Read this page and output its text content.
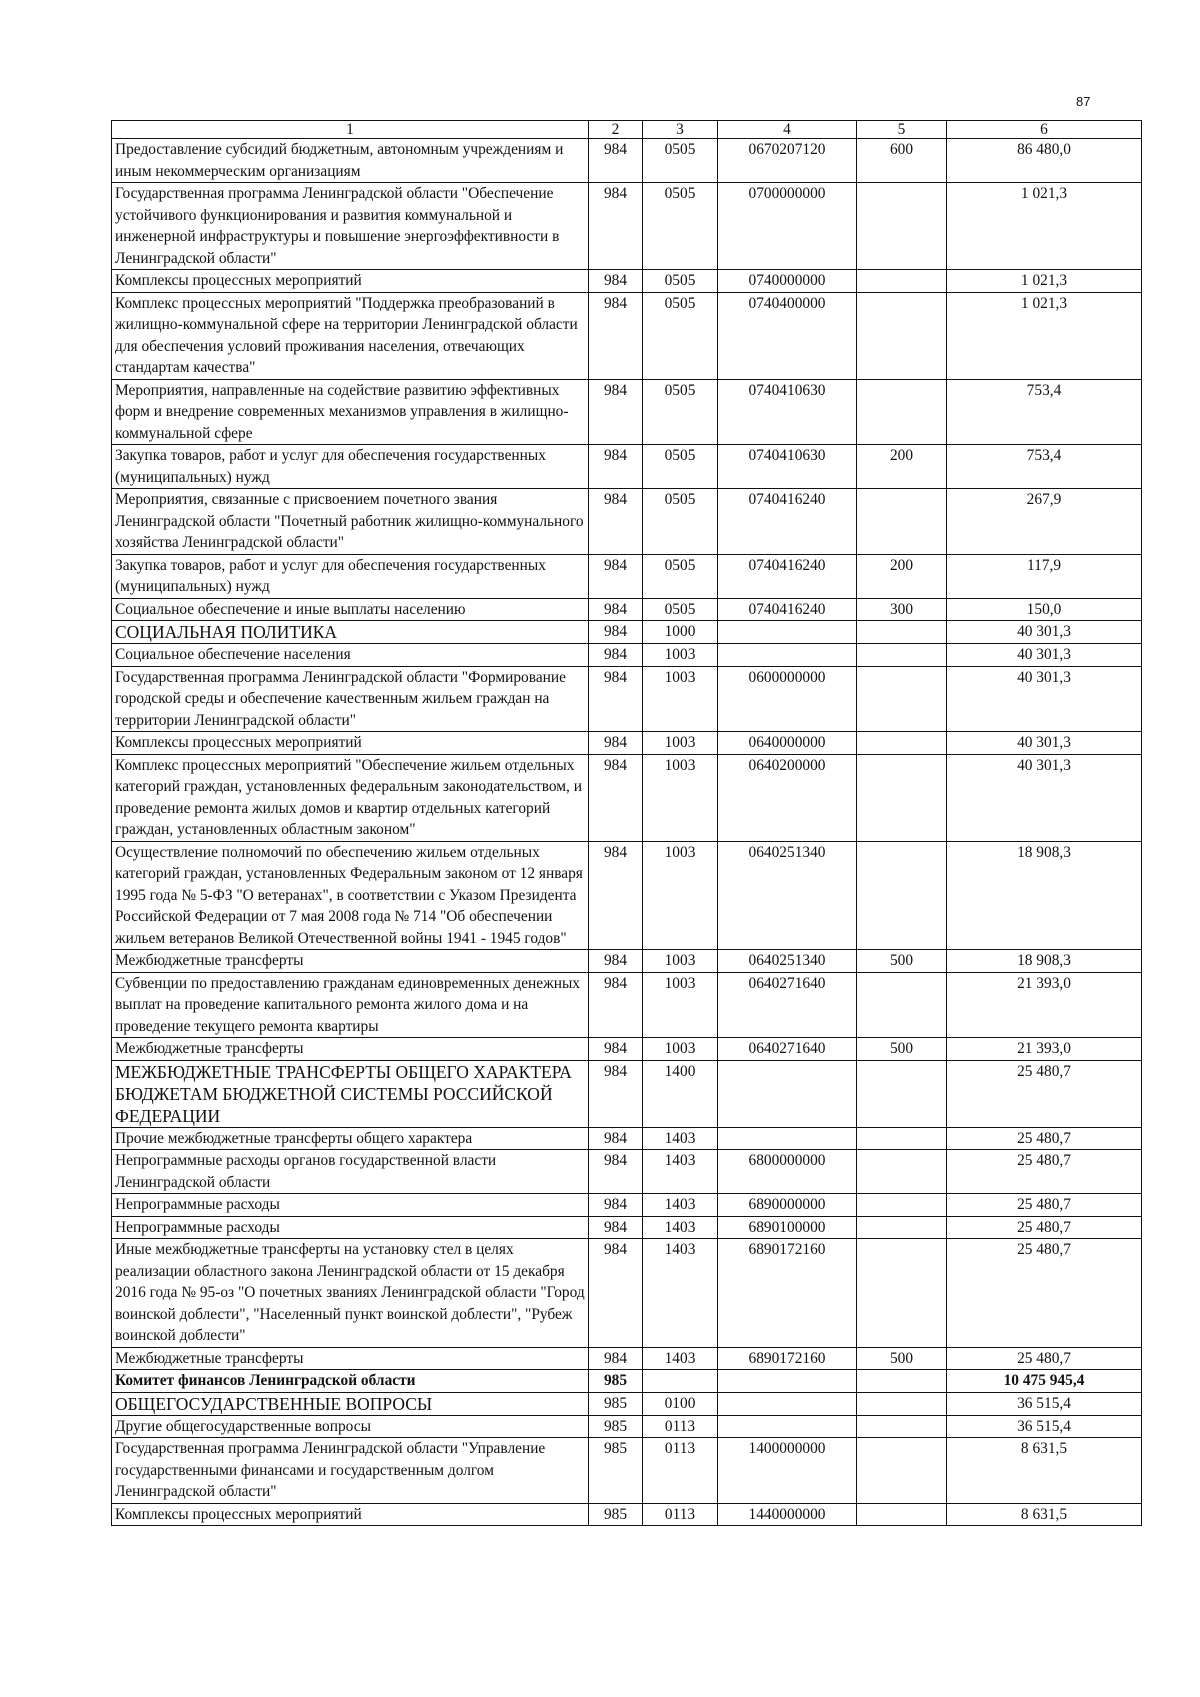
87
1	2	3	4	5	6
Предоставление субсидий бюджетным, автономным учреждениям и иным некоммерческим организациям	984	0505	0670207120	600	86 480,0
Государственная программа Ленинградской области "Обеспечение устойчивого функционирования и развития коммунальной и инженерной инфраструктуры и повышение энергоэффективности в Ленинградской области"	984	0505	0700000000		1 021,3
Комплексы процессных мероприятий	984	0505	0740000000		1 021,3
Комплекс процессных мероприятий "Поддержка преобразований в жилищно-коммунальной сфере на территории Ленинградской области для обеспечения условий проживания населения, отвечающих стандартам качества"	984	0505	0740400000		1 021,3
Мероприятия, направленные на содействие развитию эффективных форм и внедрение современных механизмов управления в жилищно-коммунальной сфере	984	0505	0740410630		753,4
Закупка товаров, работ и услуг для обеспечения государственных (муниципальных) нужд	984	0505	0740410630	200	753,4
Мероприятия, связанные с присвоением почетного звания Ленинградской области "Почетный работник жилищно-коммунального хозяйства Ленинградской области"	984	0505	0740416240		267,9
Закупка товаров, работ и услуг для обеспечения государственных (муниципальных) нужд	984	0505	0740416240	200	117,9
Социальное обеспечение и иные выплаты населению	984	0505	0740416240	300	150,0
СОЦИАЛЬНАЯ ПОЛИТИКА	984	1000			40 301,3
Социальное обеспечение населения	984	1003			40 301,3
Государственная программа Ленинградской области "Формирование городской среды и обеспечение качественным жильем граждан на территории Ленинградской области"	984	1003	0600000000		40 301,3
Комплексы процессных мероприятий	984	1003	0640000000		40 301,3
Комплекс процессных мероприятий "Обеспечение жильем отдельных категорий граждан, установленных федеральным законодательством, и проведение ремонта жилых домов и квартир отдельных категорий граждан, установленных областным законом"	984	1003	0640200000		40 301,3
Осуществление полномочий по обеспечению жильем отдельных категорий граждан, установленных Федеральным законом от 12 января 1995 года № 5-ФЗ "О ветеранах", в соответствии с Указом Президента Российской Федерации от 7 мая 2008 года № 714 "Об обеспечении жильем ветеранов Великой Отечественной войны 1941 - 1945 годов"	984	1003	0640251340		18 908,3
Межбюджетные трансферты	984	1003	0640251340	500	18 908,3
Субвенции по предоставлению гражданам единовременных денежных выплат на проведение капитального ремонта жилого дома и на проведение текущего ремонта квартиры	984	1003	0640271640		21 393,0
Межбюджетные трансферты	984	1003	0640271640	500	21 393,0
МЕЖБЮДЖЕТНЫЕ ТРАНСФЕРТЫ ОБЩЕГО ХАРАКТЕРА БЮДЖЕТАМ БЮДЖЕТНОЙ СИСТЕМЫ РОССИЙСКОЙ ФЕДЕРАЦИИ	984	1400			25 480,7
Прочие межбюджетные трансферты общего характера	984	1403			25 480,7
Непрограммные расходы органов государственной власти Ленинградской области	984	1403	6800000000		25 480,7
Непрограммные расходы	984	1403	6890000000		25 480,7
Непрограммные расходы	984	1403	6890100000		25 480,7
Иные межбюджетные трансферты на установку стел в целях реализации областного закона Ленинградской области от 15 декабря 2016 года № 95-оз "О почетных званиях Ленинградской области "Город воинской доблести", "Населенный пункт воинской доблести", "Рубеж воинской доблести"	984	1403	6890172160		25 480,7
Межбюджетные трансферты	984	1403	6890172160	500	25 480,7
Комитет финансов Ленинградской области	985				10 475 945,4
ОБЩЕГОСУДАРСТВЕННЫЕ ВОПРОСЫ	985	0100			36 515,4
Другие общегосударственные вопросы	985	0113			36 515,4
Государственная программа Ленинградской области "Управление государственными финансами и государственным долгом Ленинградской области"	985	0113	1400000000		8 631,5
Комплексы процессных мероприятий	985	0113	1440000000		8 631,5
